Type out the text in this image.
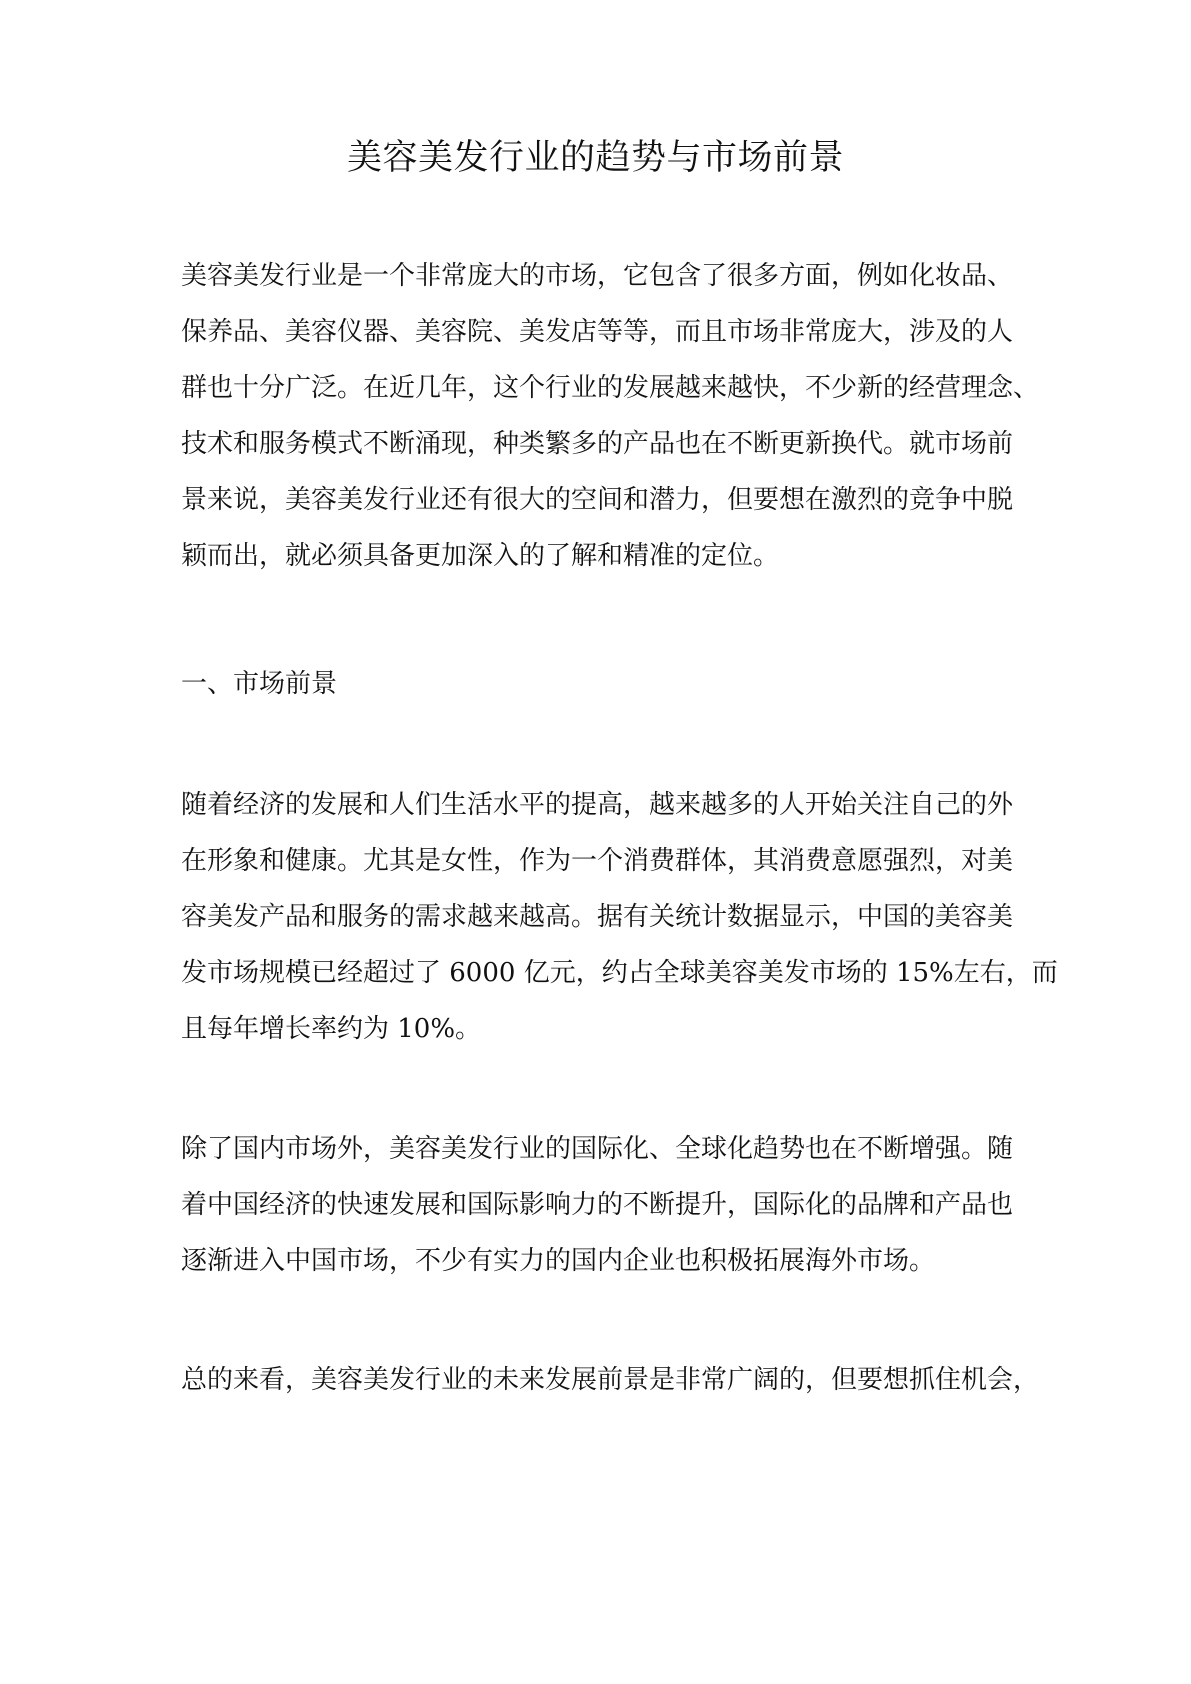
美容美发行业的趋势与市场前景

美容美发行业是一个非常庞大的市场，它包含了很多方面，例如化妆品、
保养品、美容仪器、美容院、美发店等等，而且市场非常庞大，涉及的人
群也十分广泛。在近几年，这个行业的发展越来越快，不少新的经营理念、
技术和服务模式不断涌现，种类繁多的产品也在不断更新换代。就市场前
景来说，美容美发行业还有很大的空间和潜力，但要想在激烈的竞争中脱
颖而出，就必须具备更加深入的了解和精准的定位。

一、市场前景

随着经济的发展和人们生活水平的提高，越来越多的人开始关注自己的外
在形象和健康。尤其是女性，作为一个消费群体，其消费意愿强烈，对美
容美发产品和服务的需求越来越高。据有关统计数据显示，中国的美容美
发市场规模已经超过了 6000 亿元，约占全球美容美发市场的 15%左右，而
且每年增长率约为 10%。

除了国内市场外，美容美发行业的国际化、全球化趋势也在不断增强。随
着中国经济的快速发展和国际影响力的不断提升，国际化的品牌和产品也
逐渐进入中国市场，不少有实力的国内企业也积极拓展海外市场。

总的来看，美容美发行业的未来发展前景是非常广阔的，但要想抓住机会，
